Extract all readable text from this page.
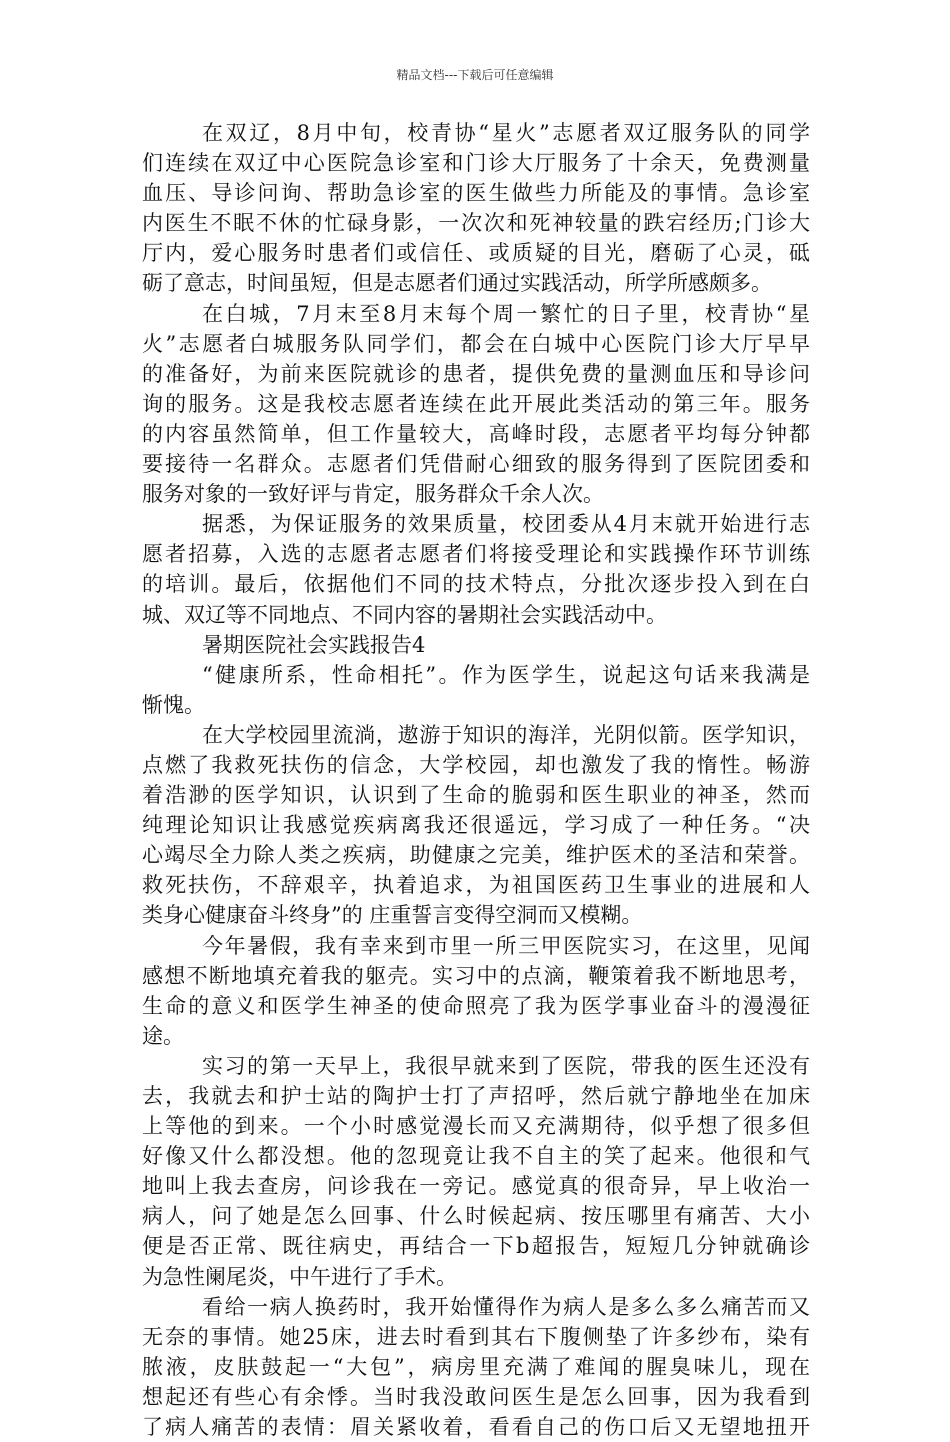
精品文档---下载后可任意编辑
在双辽，8月中旬，校青协“星火”志愿者双辽服务队的同学
们连续在双辽中心医院急诊室和门诊大厅服务了十余天，免费测量
血压、导诊问询、帮助急诊室的医生做些力所能及的事情。急诊室
内医生不眠不休的忙碌身影，一次次和死神较量的跌宕经历;门诊大
厅内，爱心服务时患者们或信任、或质疑的目光，磨砺了心灵，砥
砺了意志，时间虽短，但是志愿者们通过实践活动，所学所感颇多。
在白城，7月末至8月末每个周一繁忙的日子里，校青协“星
火”志愿者白城服务队同学们，都会在白城中心医院门诊大厅早早
的准备好，为前来医院就诊的患者，提供免费的量测血压和导诊问
询的服务。这是我校志愿者连续在此开展此类活动的第三年。服务
的内容虽然简单，但工作量较大，高峰时段，志愿者平均每分钟都
要接待一名群众。志愿者们凭借耐心细致的服务得到了医院团委和
服务对象的一致好评与肯定，服务群众千余人次。
据悉，为保证服务的效果质量，校团委从4月末就开始进行志
愿者招募，入选的志愿者志愿者们将接受理论和实践操作环节训练
的培训。最后，依据他们不同的技术特点，分批次逐步投入到在白
城、双辽等不同地点、不同内容的暑期社会实践活动中。
暑期医院社会实践报告4
“健康所系，性命相托”。作为医学生，说起这句话来我满是
惭愧。
在大学校园里流淌，遨游于知识的海洋，光阴似箭。医学知识，
点燃了我救死扶伤的信念，大学校园，却也激发了我的惰性。畅游
着浩渺的医学知识，认识到了生命的脆弱和医生职业的神圣，然而
纯理论知识让我感觉疾病离我还很遥远，学习成了一种任务。“决
心竭尽全力除人类之疾病，助健康之完美，维护医术的圣洁和荣誉。
救死扶伤，不辞艰辛，执着追求，为祖国医药卫生事业的进展和人
类身心健康奋斗终身”的 庄重誓言变得空洞而又模糊。
今年暑假，我有幸来到市里一所三甲医院实习，在这里，见闻
感想不断地填充着我的躯壳。实习中的点滴，鞭策着我不断地思考，
生命的意义和医学生神圣的使命照亮了我为医学事业奋斗的漫漫征
途。
实习的第一天早上，我很早就来到了医院，带我的医生还没有
去，我就去和护士站的陶护士打了声招呼，然后就宁静地坐在加床
上等他的到来。一个小时感觉漫长而又充满期待，似乎想了很多但
好像又什么都没想。他的忽现竟让我不自主的笑了起来。他很和气
地叫上我去查房，问诊我在一旁记。感觉真的很奇异，早上收治一
病人，问了她是怎么回事、什么时候起病、按压哪里有痛苦、大小
便是否正常、既往病史，再结合一下b超报告，短短几分钟就确诊
为急性阑尾炎，中午进行了手术。
看给一病人换药时，我开始懂得作为病人是多么多么痛苦而又
无奈的事情。她25床，进去时看到其右下腹侧垫了许多纱布，染有
脓液，皮肤鼓起一“大包”，病房里充满了难闻的腥臭味儿，现在
想起还有些心有余悸。当时我没敢问医生是怎么回事，因为我看到
了病人痛苦的表情：眉关紧收着，看看自己的伤口后又无望地扭开
